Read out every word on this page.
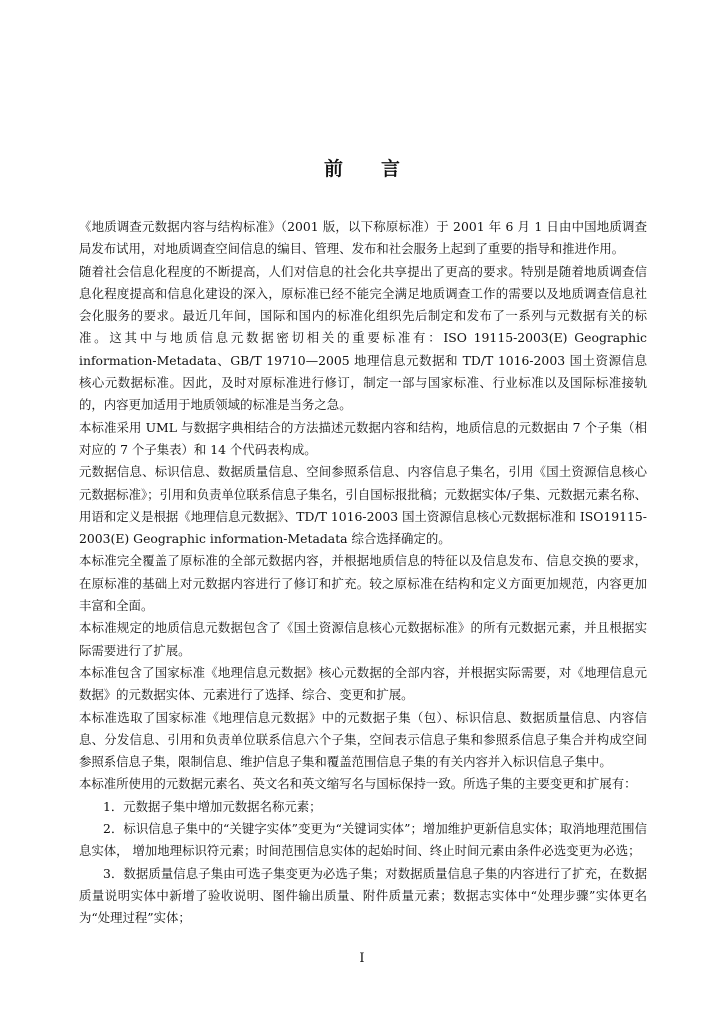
前 言

《地质调查元数据内容与结构标准》（2001 版，以下称原标准）于 2001 年 6 月 1 日由中国地质调查局发布试用，对地质调查空间信息的编目、管理、发布和社会服务上起到了重要的指导和推进作用。

随着社会信息化程度的不断提高，人们对信息的社会化共享提出了更高的要求。特别是随着地质调查信息化程度提高和信息化建设的深入，原标准已经不能完全满足地质调查工作的需要以及地质调查信息社会化服务的要求。最近几年间，国际和国内的标准化组织先后制定和发布了一系列与元数据有关的标准。这其中与地质信息元数据密切相关的重要标准有：ISO 19115-2003(E) Geographic information-Metadata、GB/T 19710—2005 地理信息元数据和 TD/T 1016-2003 国土资源信息核心元数据标准。因此，及时对原标准进行修订，制定一部与国家标准、行业标准以及国际标准接轨的，内容更加适用于地质领域的标准是当务之急。

本标准采用 UML 与数据字典相结合的方法描述元数据内容和结构，地质信息的元数据由 7 个子集（相对应的 7 个子集表）和 14 个代码表构成。

元数据信息、标识信息、数据质量信息、空间参照系信息、内容信息子集名，引用《国土资源信息核心元数据标准》；引用和负责单位联系信息子集名，引自国标报批稿；元数据实体/子集、元数据元素名称、用语和定义是根据《地理信息元数据》、TD/T 1016-2003 国土资源信息核心元数据标准和 ISO19115-2003(E) Geographic information-Metadata 综合选择确定的。

本标准完全覆盖了原标准的全部元数据内容，并根据地质信息的特征以及信息发布、信息交换的要求，在原标准的基础上对元数据内容进行了修订和扩充。较之原标准在结构和定义方面更加规范，内容更加丰富和全面。

本标准规定的地质信息元数据包含了《国土资源信息核心元数据标准》的所有元数据元素，并且根据实际需要进行了扩展。

本标准包含了国家标准《地理信息元数据》核心元数据的全部内容，并根据实际需要，对《地理信息元数据》的元数据实体、元素进行了选择、综合、变更和扩展。

本标准选取了国家标准《地理信息元数据》中的元数据子集（包）、标识信息、数据质量信息、内容信息、分发信息、引用和负责单位联系信息六个子集，空间表示信息子集和参照系信息子集合并构成空间参照系信息子集，限制信息、维护信息子集和覆盖范围信息子集的有关内容并入标识信息子集中。

本标准所使用的元数据元素名、英文名和英文缩写名与国标保持一致。所选子集的主要变更和扩展有：

1．元数据子集中增加元数据名称元素；

2．标识信息子集中的“关键字实体”变更为“关键词实体”；增加维护更新信息实体；取消地理范围信息实体， 增加地理标识符元素；时间范围信息实体的起始时间、终止时间元素由条件必选变更为必选；

3．数据质量信息子集由可选子集变更为必选子集；对数据质量信息子集的内容进行了扩充，在数据质量说明实体中新增了验收说明、图件输出质量、附件质量元素；数据志实体中“处理步骤”实体更名为“处理过程”实体；

I
